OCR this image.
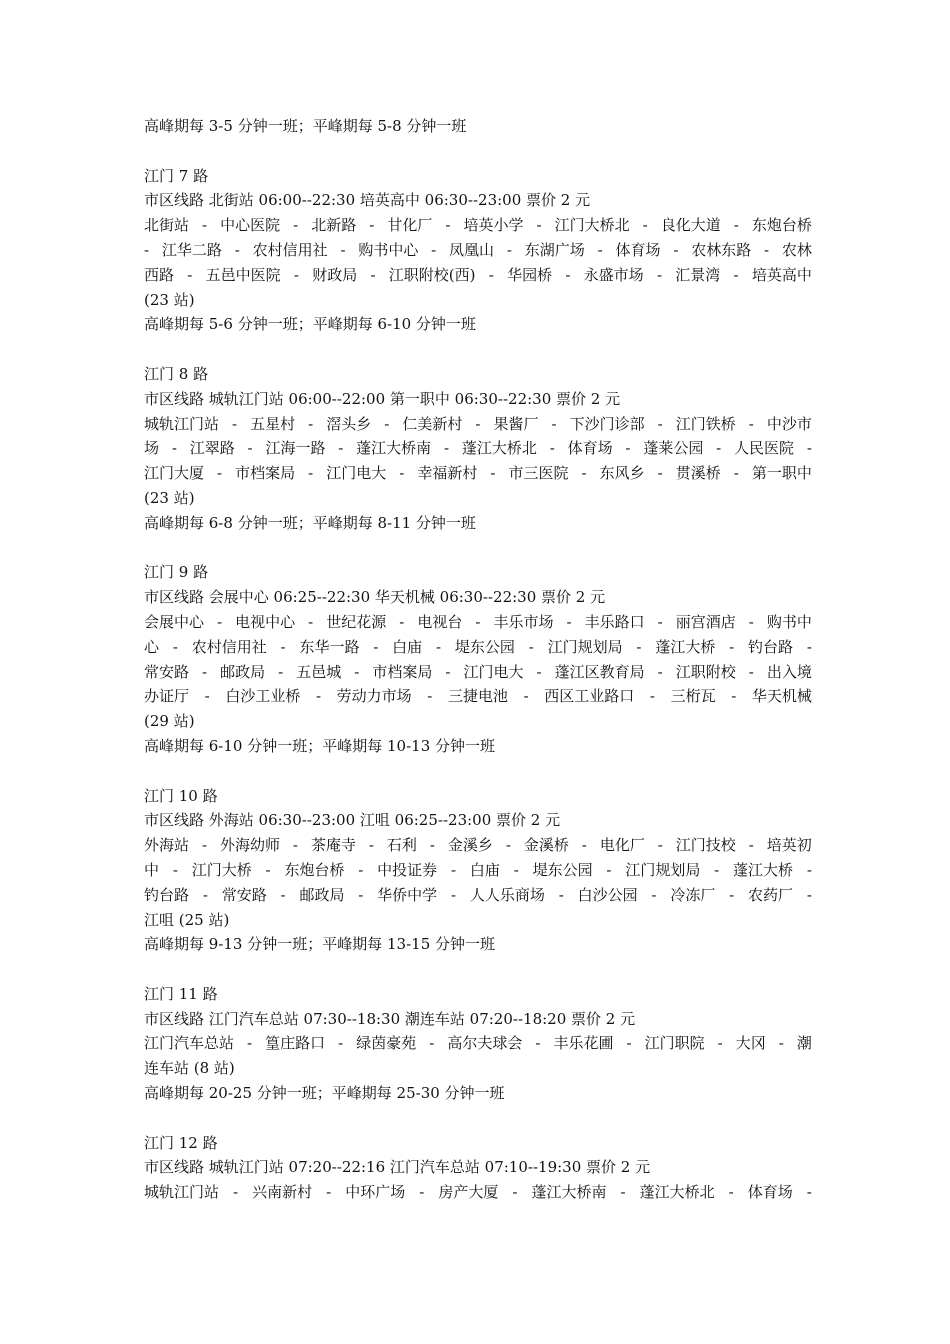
高峰期每 3-5 分钟一班；平峰期每 5-8 分钟一班
江门 7 路
市区线路 北街站 06:00--22:30 培英高中 06:30--23:00 票价 2 元
北街站 - 中心医院 - 北新路 - 甘化厂 - 培英小学 - 江门大桥北 - 良化大道 - 东炮台桥
- 江华二路 - 农村信用社 - 购书中心 - 凤凰山 - 东湖广场 - 体育场 - 农林东路 - 农林
西路 - 五邑中医院 - 财政局 - 江职附校(西) - 华园桥 - 永盛市场 - 汇景湾 - 培英高中
(23 站)
高峰期每 5-6 分钟一班；平峰期每 6-10 分钟一班
江门 8 路
市区线路 城轨江门站 06:00--22:00 第一职中 06:30--22:30 票价 2 元
城轨江门站 - 五星村 - 滘头乡 - 仁美新村 - 果酱厂 - 下沙门诊部 - 江门铁桥 - 中沙市
场 - 江翠路 - 江海一路 - 蓬江大桥南 - 蓬江大桥北 - 体育场 - 蓬莱公园 - 人民医院 -
江门大厦 - 市档案局 - 江门电大 - 幸福新村 - 市三医院 - 东风乡 - 贯溪桥 - 第一职中
(23 站)
高峰期每 6-8 分钟一班；平峰期每 8-11 分钟一班
江门 9 路
市区线路 会展中心 06:25--22:30 华天机械 06:30--22:30 票价 2 元
会展中心 - 电视中心 - 世纪花源 - 电视台 - 丰乐市场 - 丰乐路口 - 丽宫酒店 - 购书中
心 - 农村信用社 - 东华一路 - 白庙 - 堤东公园 - 江门规划局 - 蓬江大桥 - 钓台路 -
常安路 - 邮政局 - 五邑城 - 市档案局 - 江门电大 - 蓬江区教育局 - 江职附校 - 出入境
办证厅 - 白沙工业桥 - 劳动力市场 - 三捷电池 - 西区工业路口 - 三桁瓦 - 华天机械
(29 站)
高峰期每 6-10 分钟一班；平峰期每 10-13 分钟一班
江门 10 路
市区线路 外海站 06:30--23:00 江咀 06:25--23:00 票价 2 元
外海站 - 外海幼师 - 茶庵寺 - 石利 - 金溪乡 - 金溪桥 - 电化厂 - 江门技校 - 培英初
中 - 江门大桥 - 东炮台桥 - 中投证券 - 白庙 - 堤东公园 - 江门规划局 - 蓬江大桥 -
钓台路 - 常安路 - 邮政局 - 华侨中学 - 人人乐商场 - 白沙公园 - 冷冻厂 - 农药厂 -
江咀 (25 站)
高峰期每 9-13 分钟一班；平峰期每 13-15 分钟一班
江门 11 路
市区线路 江门汽车总站 07:30--18:30 潮连车站 07:20--18:20 票价 2 元
江门汽车总站 - 篁庄路口 - 绿茵豪苑 - 高尔夫球会 - 丰乐花圃 - 江门职院 - 大冈 - 潮
连车站 (8 站)
高峰期每 20-25 分钟一班；平峰期每 25-30 分钟一班
江门 12 路
市区线路 城轨江门站 07:20--22:16 江门汽车总站 07:10--19:30 票价 2 元
城轨江门站 - 兴南新村 - 中环广场 - 房产大厦 - 蓬江大桥南 - 蓬江大桥北 - 体育场 -
